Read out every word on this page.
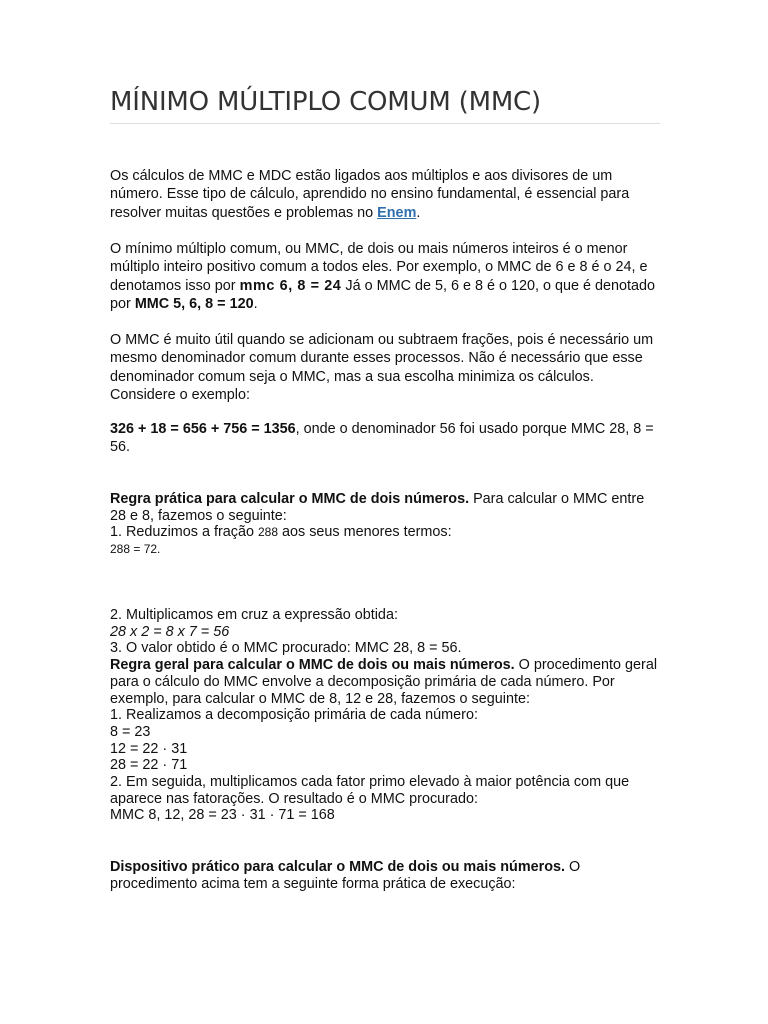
MÍNIMO MÚLTIPLO COMUM (MMC)

Os cálculos de MMC e MDC estão ligados aos múltiplos e aos divisores de um número. Esse tipo de cálculo, aprendido no ensino fundamental, é essencial para resolver muitas questões e problemas no Enem.

O mínimo múltiplo comum, ou MMC, de dois ou mais números inteiros é o menor múltiplo inteiro positivo comum a todos eles. Por exemplo, o MMC de 6 e 8 é o 24, e denotamos isso por mmc 6, 8 = 24 Já o MMC de 5, 6 e 8 é o 120, o que é denotado por MMC 5, 6, 8 = 120.

O MMC é muito útil quando se adicionam ou subtraem frações, pois é necessário um mesmo denominador comum durante esses processos. Não é necessário que esse denominador comum seja o MMC, mas a sua escolha minimiza os cálculos. Considere o exemplo:

326 + 18 = 656 + 756 = 1356, onde o denominador 56 foi usado porque MMC 28, 8 = 56.

Regra prática para calcular o MMC de dois números. Para calcular o MMC entre 28 e 8, fazemos o seguinte:
1. Reduzimos a fração 288 aos seus menores termos:
288 = 72.
2. Multiplicamos em cruz a expressão obtida:
28 x 2 = 8 x 7 = 56
3. O valor obtido é o MMC procurado: MMC 28, 8 = 56.
Regra geral para calcular o MMC de dois ou mais números. O procedimento geral para o cálculo do MMC envolve a decomposição primária de cada número. Por exemplo, para calcular o MMC de 8, 12 e 28, fazemos o seguinte:
1. Realizamos a decomposição primária de cada número:
8 = 23
12 = 22 · 31
28 = 22 · 71
2. Em seguida, multiplicamos cada fator primo elevado à maior potência com que aparece nas fatorações. O resultado é o MMC procurado:
MMC 8, 12, 28 = 23 · 31 · 71 = 168
Dispositivo prático para calcular o MMC de dois ou mais números. O procedimento acima tem a seguinte forma prática de execução:
